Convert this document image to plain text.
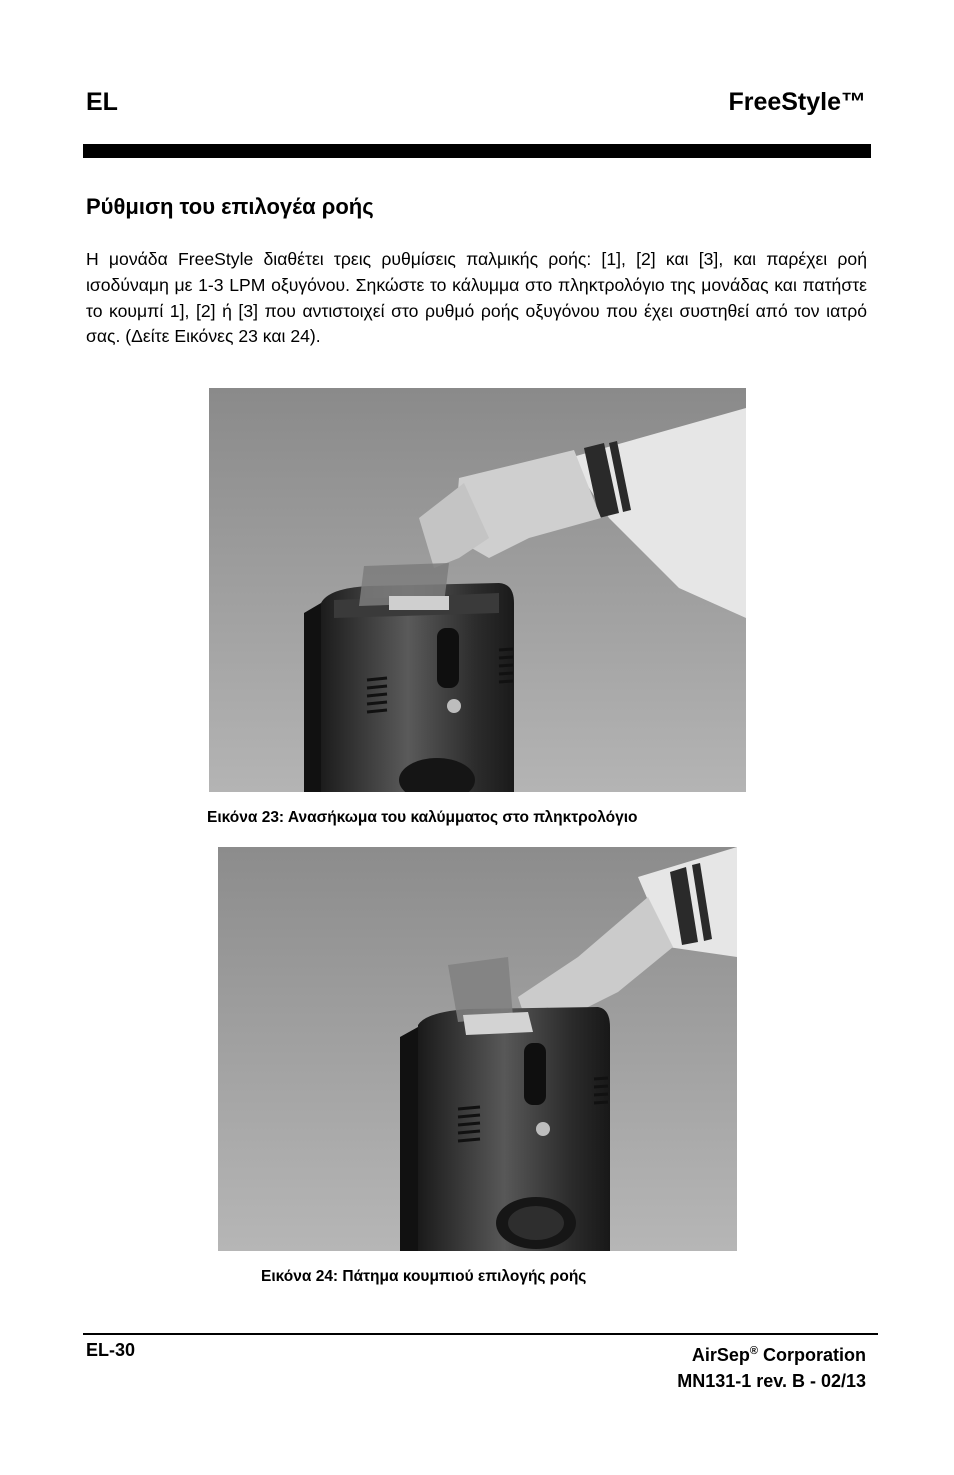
EL	FreeStyle™
Ρύθμιση του επιλογέα ροής

Η μονάδα FreeStyle διαθέτει τρεις ρυθμίσεις παλμικής ροής: [1], [2] και [3], και παρέχει ροή ισοδύναμη με 1-3 LPM οξυγόνου. Σηκώστε το κάλυμμα στο πληκτρολόγιο της μονάδας και πατήστε το κουμπί 1], [2] ή [3] που αντιστοιχεί στο ρυθμό ροής οξυγόνου που έχει συστηθεί από τον ιατρό σας. (Δείτε Εικόνες 23 και 24).

Εικόνα 23: Ανασήκωμα του καλύμματος στο πληκτρολόγιο
Εικόνα 24: Πάτημα κουμπιού επιλογής ροής
EL-30	AirSep® Corporation
MN131-1 rev. B - 02/13
